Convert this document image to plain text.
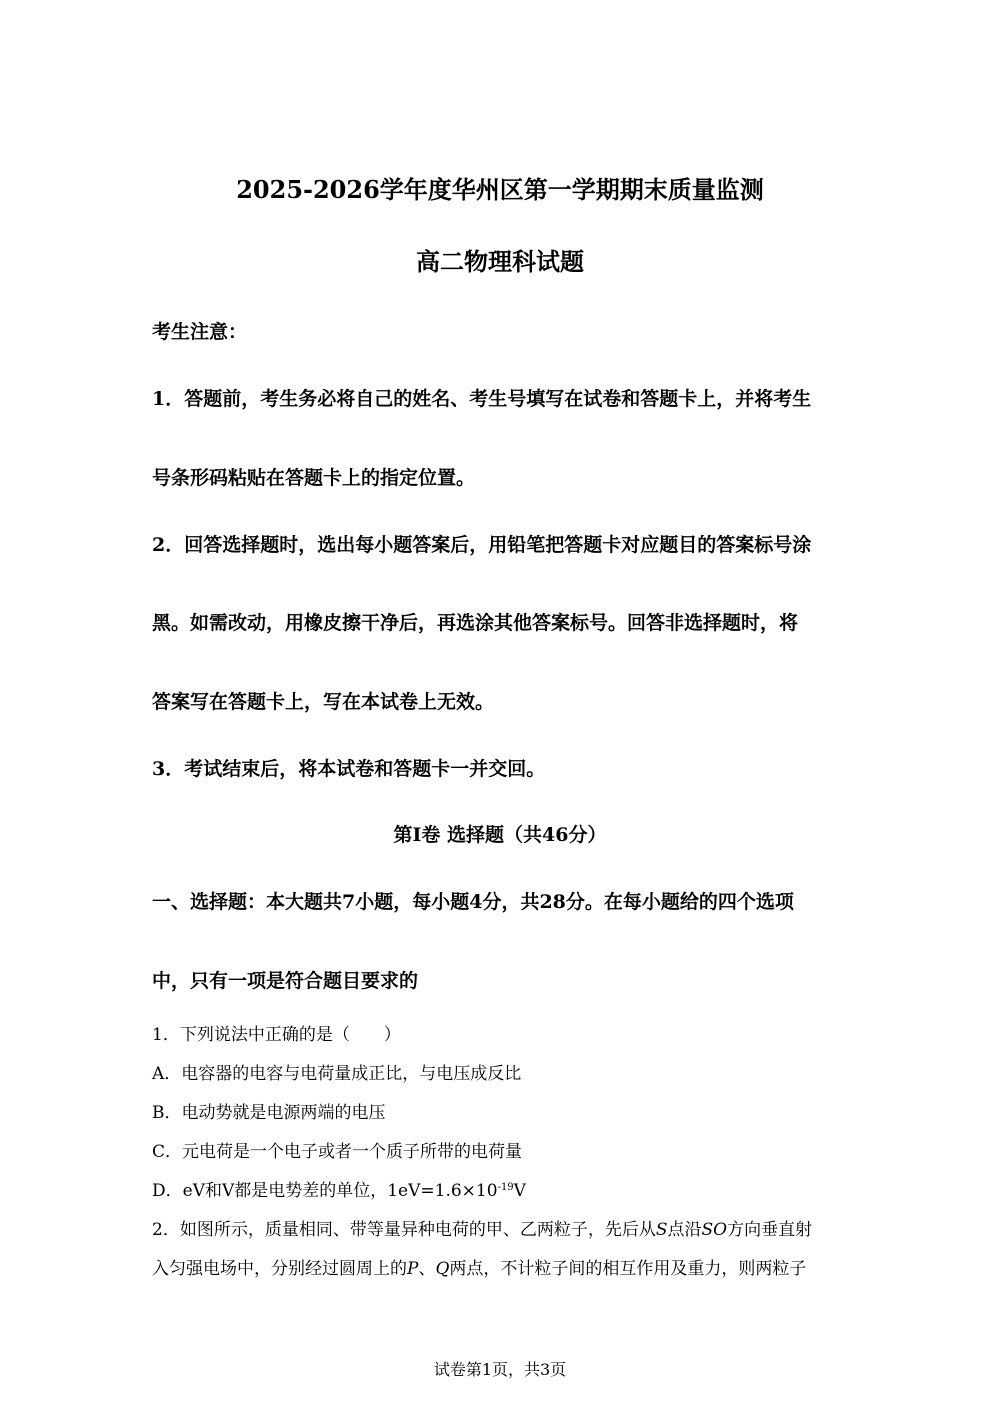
2025-2026学年度华州区第一学期期末质量监测
高二物理科试题
考生注意：
1．答题前，考生务必将自己的姓名、考生号填写在试卷和答题卡上，并将考生
号条形码粘贴在答题卡上的指定位置。
2．回答选择题时，选出每小题答案后，用铅笔把答题卡对应题目的答案标号涂
黑。如需改动，用橡皮擦干净后，再选涂其他答案标号。回答非选择题时，将
答案写在答题卡上，写在本试卷上无效。
3．考试结束后，将本试卷和答题卡一并交回。
第Ⅰ卷 选择题（共46分）
一、选择题：本大题共7小题，每小题4分，共28分。在每小题给的四个选项
中，只有一项是符合题目要求的
1．下列说法中正确的是（　　）
A．电容器的电容与电荷量成正比，与电压成反比
B．电动势就是电源两端的电压
C．元电荷是一个电子或者一个质子所带的电荷量
D．eV和V都是电势差的单位，$1eV=1.6\times 10^{-19}V$
2．如图所示，质量相同、带等量异种电荷的甲、乙两粒子，先后从S点沿SO方向垂直射
入匀强电场中，分别经过圆周上的P、Q两点，不计粒子间的相互作用及重力，则两粒子
试卷第1页，共3页
